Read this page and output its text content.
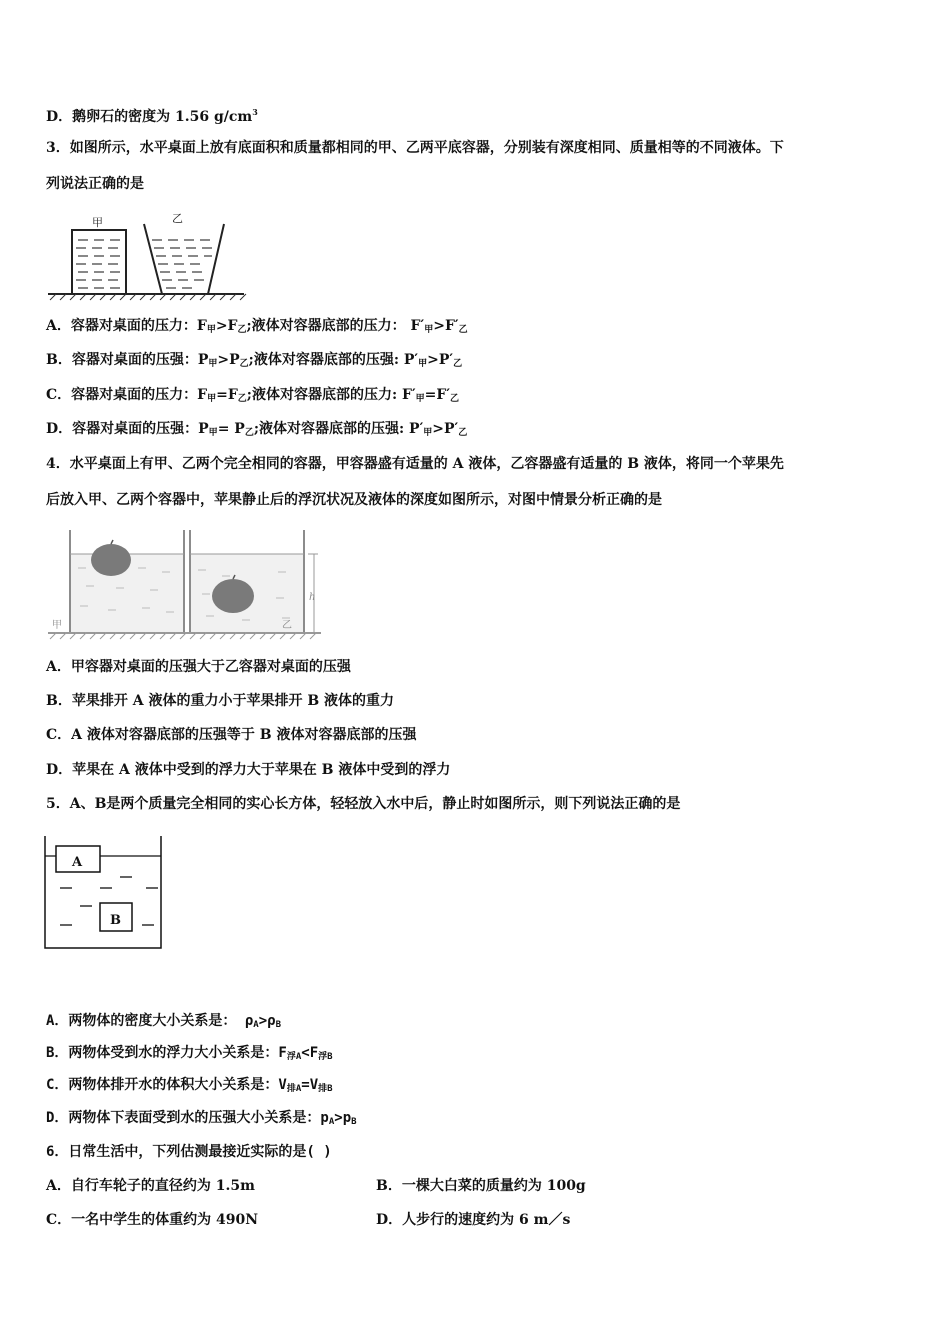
D．鹅卵石的密度为 1.56 $g/cm^3$
3．如图所示，水平桌面上放有底面积和质量都相同的甲、乙两平底容器，分别装有深度相同、质量相等的不同液体。下
列说法正确的是
甲	乙
A．容器对桌面的压力：$F_甲>F_乙$;液体对容器底部的压力： $F'_甲>F'_乙$
B．容器对桌面的压强：$P_甲>P_乙$;液体对容器底部的压强: $P'_甲>P'_乙$
C．容器对桌面的压力：$F_甲=F_乙$;液体对容器底部的压力: $F'_甲=F'_乙$
D．容器对桌面的压强：$P_甲= P_乙$;液体对容器底部的压强: $P'_甲>P'_乙$
4．水平桌面上有甲、乙两个完全相同的容器，甲容器盛有适量的 A 液体，乙容器盛有适量的 B 液体，将同一个苹果先
后放入甲、乙两个容器中，苹果静止后的浮沉状况及液体的深度如图所示，对图中情景分析正确的是
h
甲	乙
A．甲容器对桌面的压强大于乙容器对桌面的压强
B．苹果排开 A 液体的重力小于苹果排开 B 液体的重力
C．A 液体对容器底部的压强等于 B 液体对容器底部的压强
D．苹果在 A 液体中受到的浮力大于苹果在 B 液体中受到的浮力
5．A、B是两个质量完全相同的实心长方体，轻轻放入水中后，静止时如图所示，则下列说法正确的是
A
B
A．两物体的密度大小关系是： $\rho_A>\rho_B$
B．两物体受到水的浮力大小关系是：$F_{浮A}<F_{浮B}$
C．两物体排开水的体积大小关系是：$V_{排A}=V_{排B}$
D．两物体下表面受到水的压强大小关系是：$p_A>p_B$
6．日常生活中，下列估测最接近实际的是( )
A．自行车轮子的直径约为 1.5m	B．一棵大白菜的质量约为 100g
C．一名中学生的体重约为 490N	D．人步行的速度约为 6 m／s
